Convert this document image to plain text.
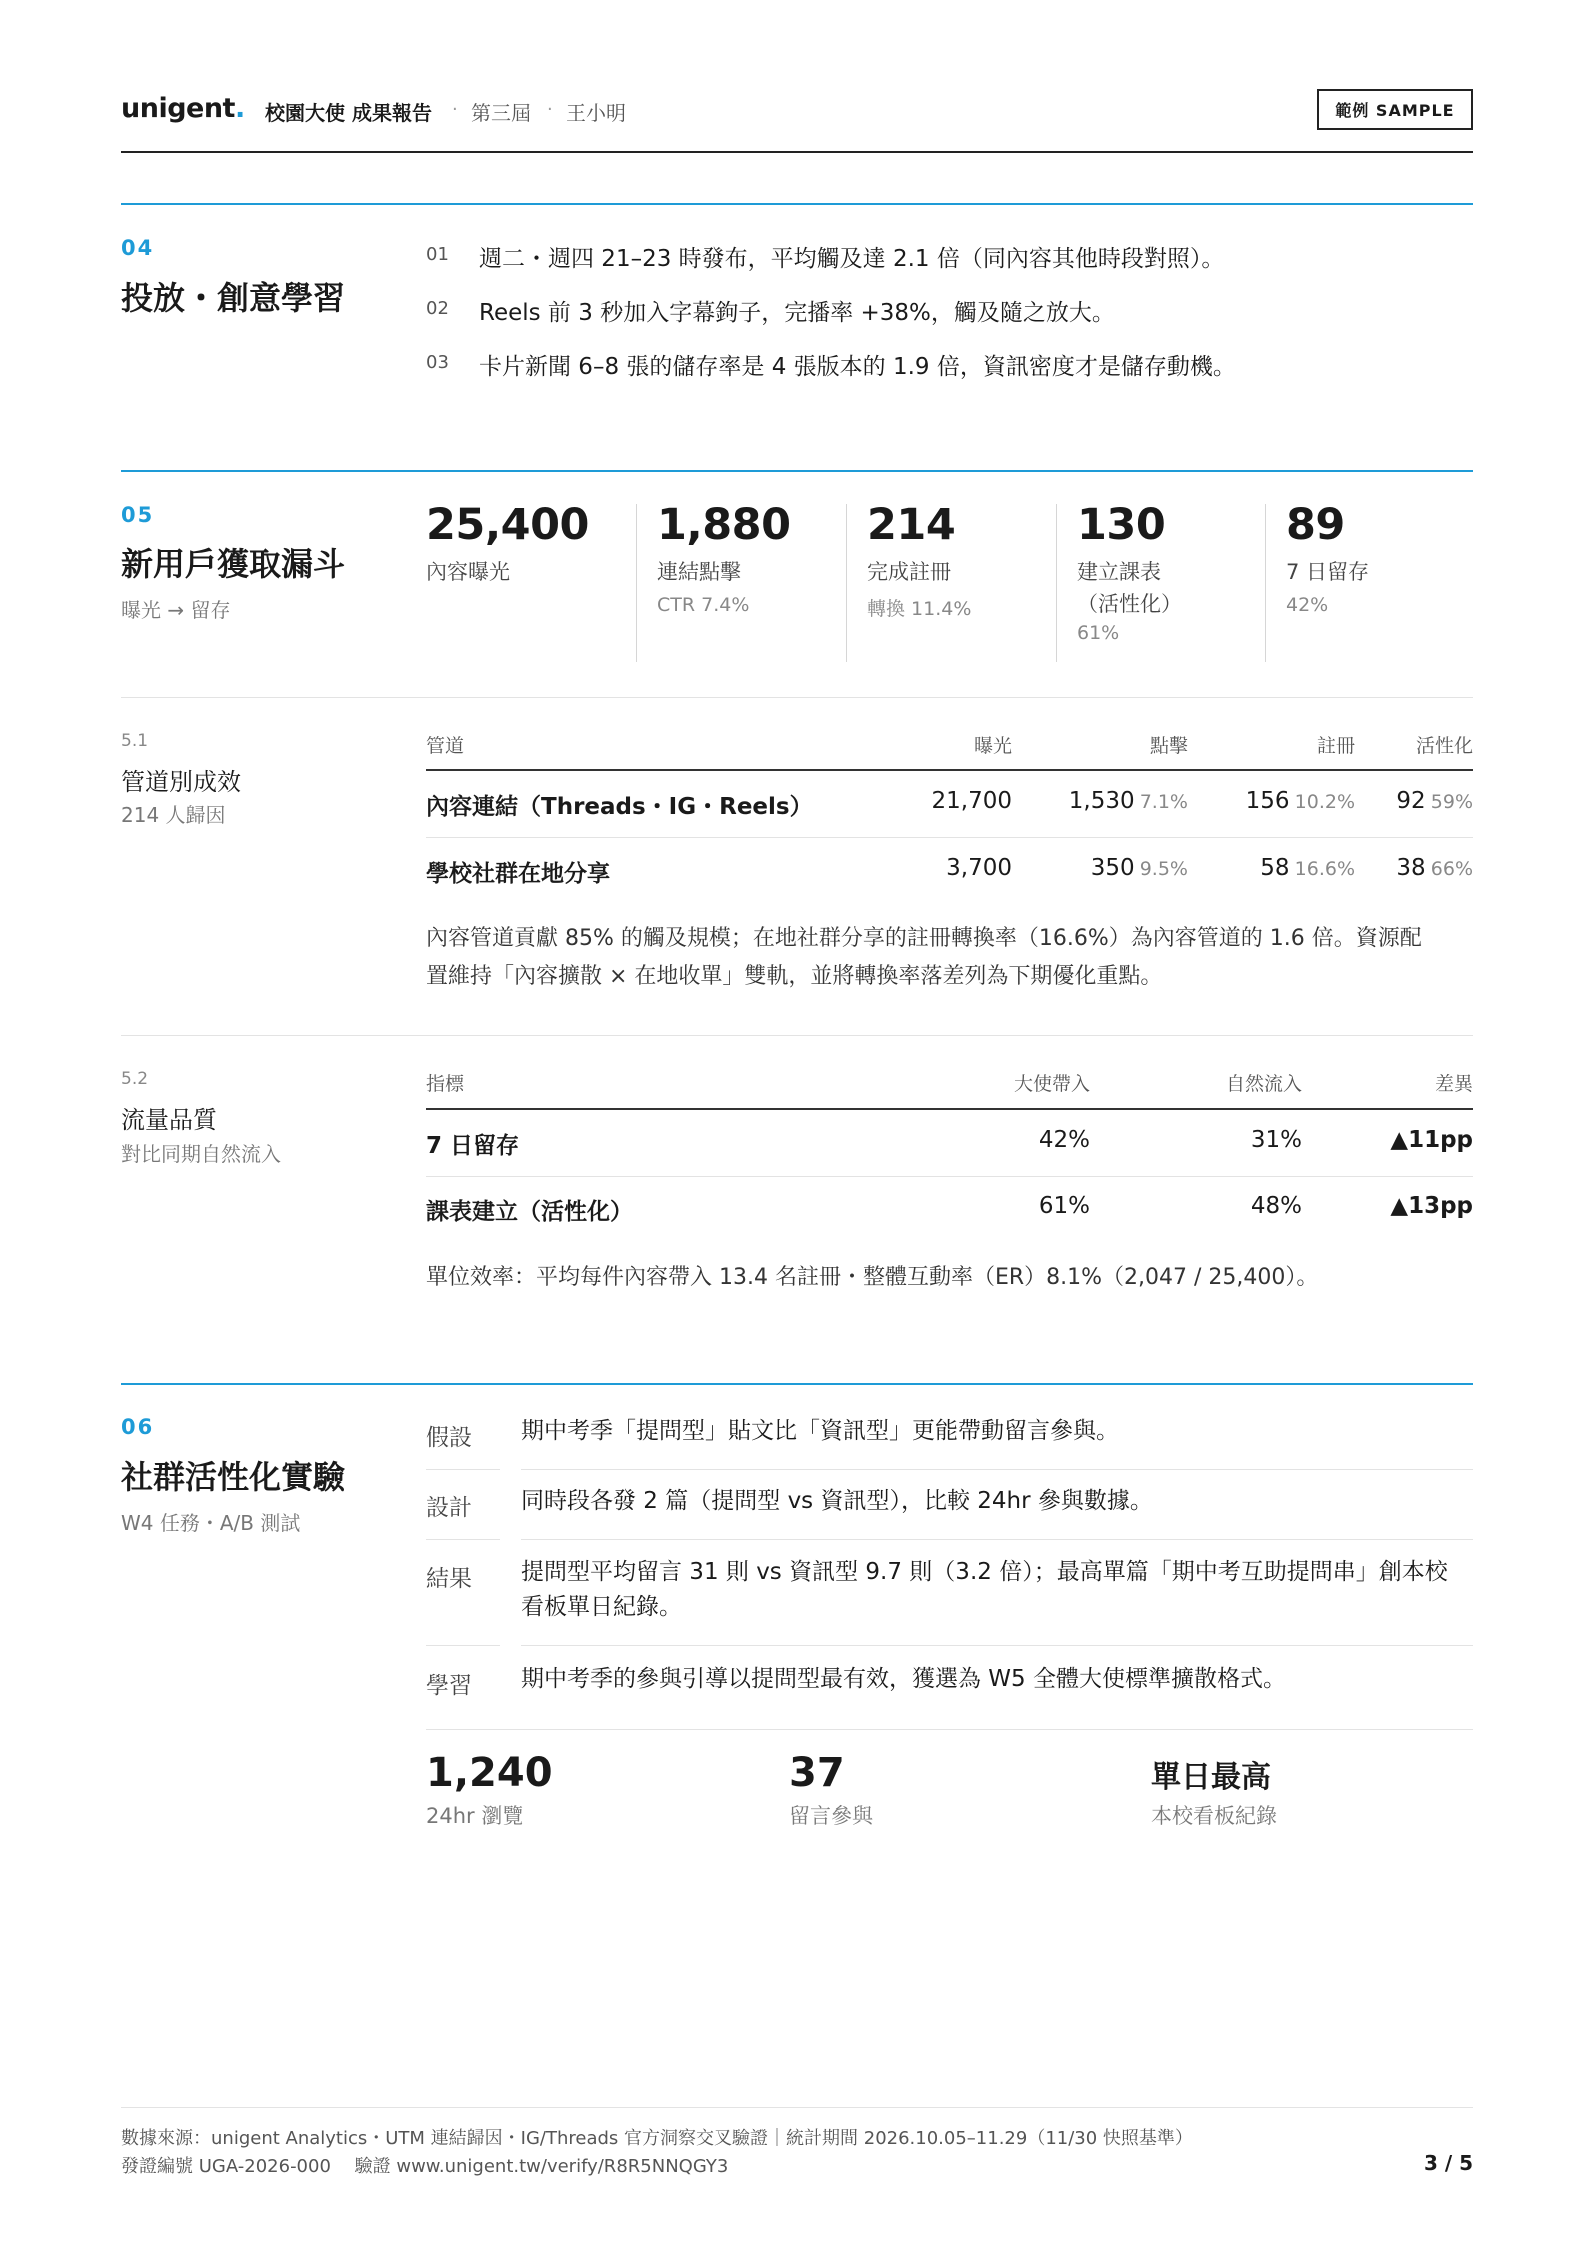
unigent. 校園大使 成果報告 · 第三屆 · 王小明	範例 SAMPLE
04
投放・創意學習
01 週二・週四 21–23 時發布，平均觸及達 2.1 倍（同內容其他時段對照）。
02 Reels 前 3 秒加入字幕鉤子，完播率 +38%，觸及隨之放大。
03 卡片新聞 6–8 張的儲存率是 4 張版本的 1.9 倍，資訊密度才是儲存動機。
05
新用戶獲取漏斗
曝光 → 留存
25,400
內容曝光
1,880
連結點擊
CTR 7.4%
214
完成註冊
轉換 11.4%
130
建立課表
（活性化）
61%
89
7 日留存
42%
5.1
管道別成效
214 人歸因
管道	曝光	點擊	註冊	活性化
內容連結（Threads・IG・Reels）	21,700	1,530 7.1%	156 10.2%	92 59%
學校社群在地分享	3,700	350 9.5%	58 16.6%	38 66%
內容管道貢獻 85% 的觸及規模；在地社群分享的註冊轉換率（16.6%）為內容管道的 1.6 倍。資源配
置維持「內容擴散 × 在地收單」雙軌，並將轉換率落差列為下期優化重點。
5.2
流量品質
對比同期自然流入
指標	大使帶入	自然流入	差異
7 日留存	42%	31%	▲11pp
課表建立（活性化）	61%	48%	▲13pp
單位效率：平均每件內容帶入 13.4 名註冊・整體互動率（ER）8.1%（2,047 / 25,400）。
06
社群活性化實驗
W4 任務・A/B 測試
假設 期中考季「提問型」貼文比「資訊型」更能帶動留言參與。
設計 同時段各發 2 篇（提問型 vs 資訊型），比較 24hr 參與數據。
結果 提問型平均留言 31 則 vs 資訊型 9.7 則（3.2 倍）；最高單篇「期中考互助提問串」創本校
看板單日紀錄。
學習 期中考季的參與引導以提問型最有效，獲選為 W5 全體大使標準擴散格式。
1,240
24hr 瀏覽
37
留言參與
單日最高
本校看板紀錄
數據來源：unigent Analytics・UTM 連結歸因・IG/Threads 官方洞察交叉驗證｜統計期間 2026.10.05–11.29（11/30 快照基準）
發證編號 UGA-2026-000　 驗證 www.unigent.tw/verify/R8R5NNQGY3	3 / 5
